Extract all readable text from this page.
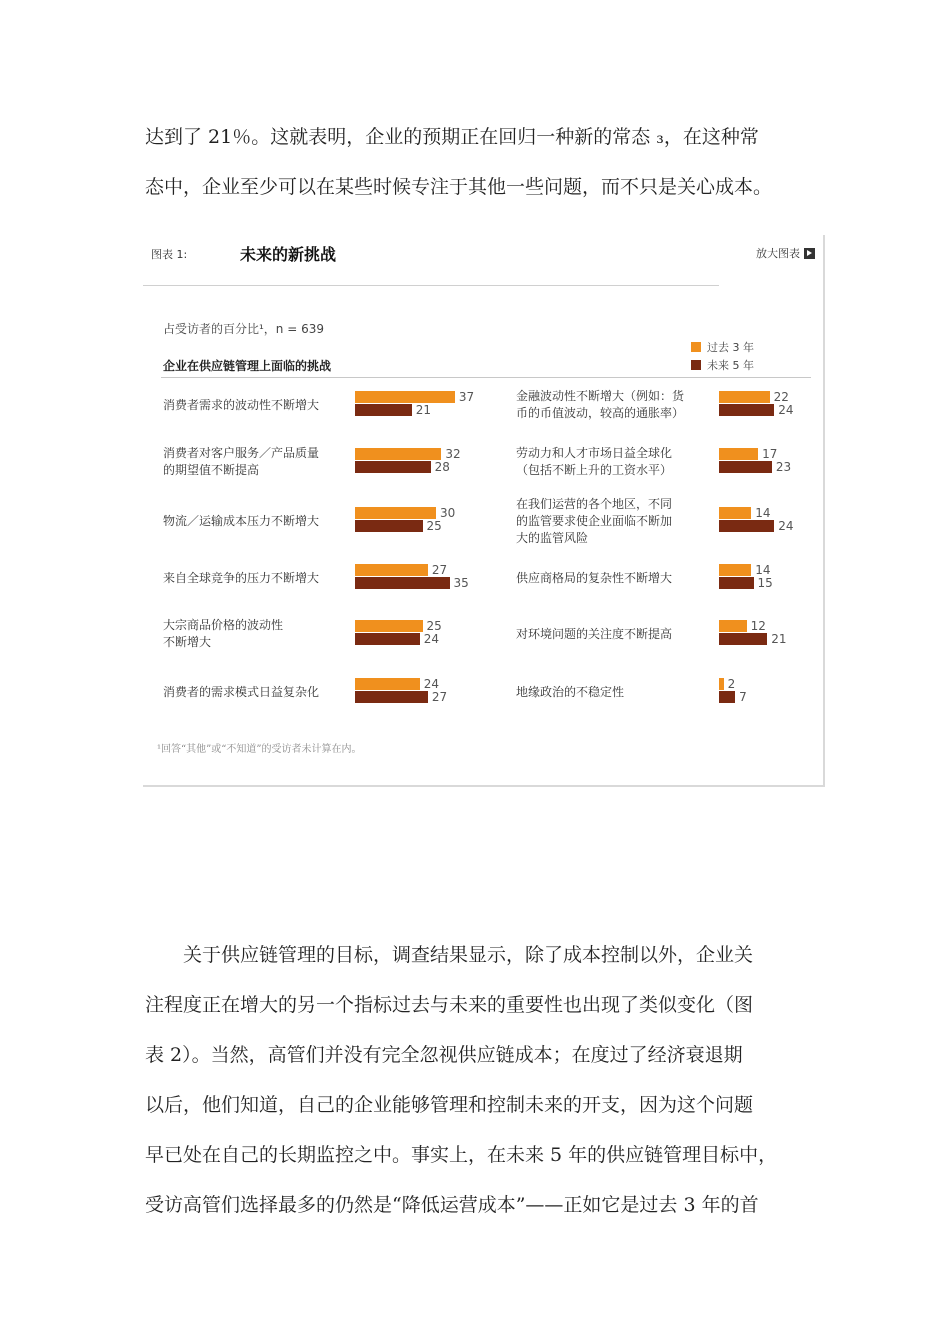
达到了 21％。这就表明，企业的预期正在回归一种新的常态 ₃，在这种常

态中，企业至少可以在某些时候专注于其他一些问题，而不只是关心成本。

图表 1:	未来的新挑战	放大图表
占受访者的百分比¹，n = 639
过去 3 年
未来 5 年
企业在供应链管理上面临的挑战
消费者需求的波动性不断增大
37
21
消费者对客户服务／产品质量
的期望值不断提高
32
28
物流／运输成本压力不断增大
30
25
来自全球竞争的压力不断增大
27
35
大宗商品价格的波动性
不断增大
25
24
消费者的需求模式日益复杂化
24
27
金融波动性不断增大（例如：货
币的币值波动，较高的通胀率）
22
24
劳动力和人才市场日益全球化
（包括不断上升的工资水平）
17
23
在我们运营的各个地区，不同
的监管要求使企业面临不断加
大的监管风险
14
24
供应商格局的复杂性不断增大
14
15
对环境问题的关注度不断提高
12
21
地缘政治的不稳定性
2
7
¹回答“其他”或“不知道”的受访者未计算在内。

关于供应链管理的目标，调查结果显示，除了成本控制以外，企业关

注程度正在增大的另一个指标过去与未来的重要性也出现了类似变化（图

表 2）。当然，高管们并没有完全忽视供应链成本；在度过了经济衰退期

以后，他们知道，自己的企业能够管理和控制未来的开支，因为这个问题

早已处在自己的长期监控之中。事实上，在未来 5 年的供应链管理目标中，

受访高管们选择最多的仍然是“降低运营成本”——正如它是过去 3 年的首
